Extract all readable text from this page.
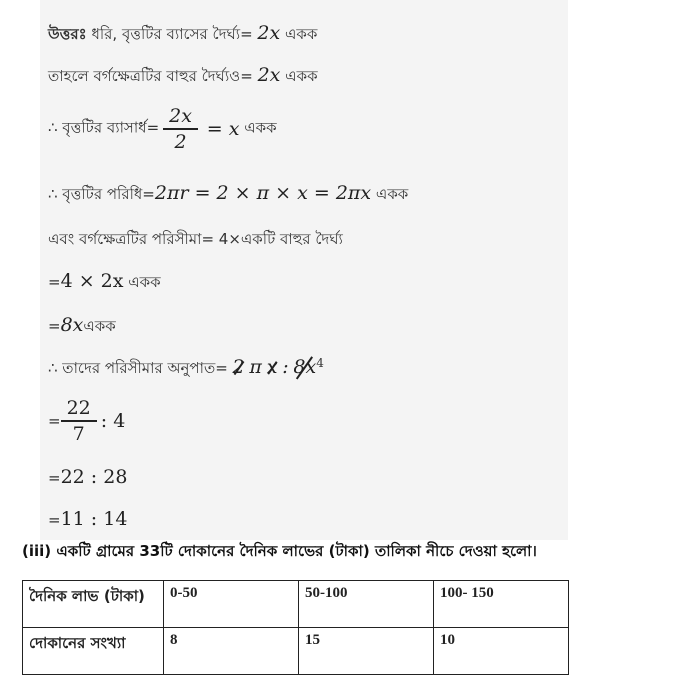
উত্তরঃ ধরি, বৃত্তটির ব্যাসের দৈর্ঘ্য= 2x একক
তাহলে বর্গক্ষেত্রটির বাহুর দৈর্ঘ্যও= 2x একক
∴ বৃত্তটির ব্যাসার্ধ= $\frac{2x}{2} = x$ একক
∴ বৃত্তটির পরিধি=2πr = 2 × π × x = 2πx একক
এবং বর্গক্ষেত্রটির পরিসীমা= 4×একটি বাহুর দৈর্ঘ্য
=4 × 2x একক
=8xএকক
∴ তাদের পরিসীমার অনুপাত= 2 π x : $8x^4$
= $\frac{22}{7}$ : 4
=22 : 28
=11 : 14
(iii) একটি গ্রামের 33টি দোকানের দৈনিক লাভের (টাকা) তালিকা নীচে দেওয়া হলো।
দৈনিক লাভ (টাকা)	0-50	50-100	100- 150
দোকানের সংখ্যা	8	15	10
